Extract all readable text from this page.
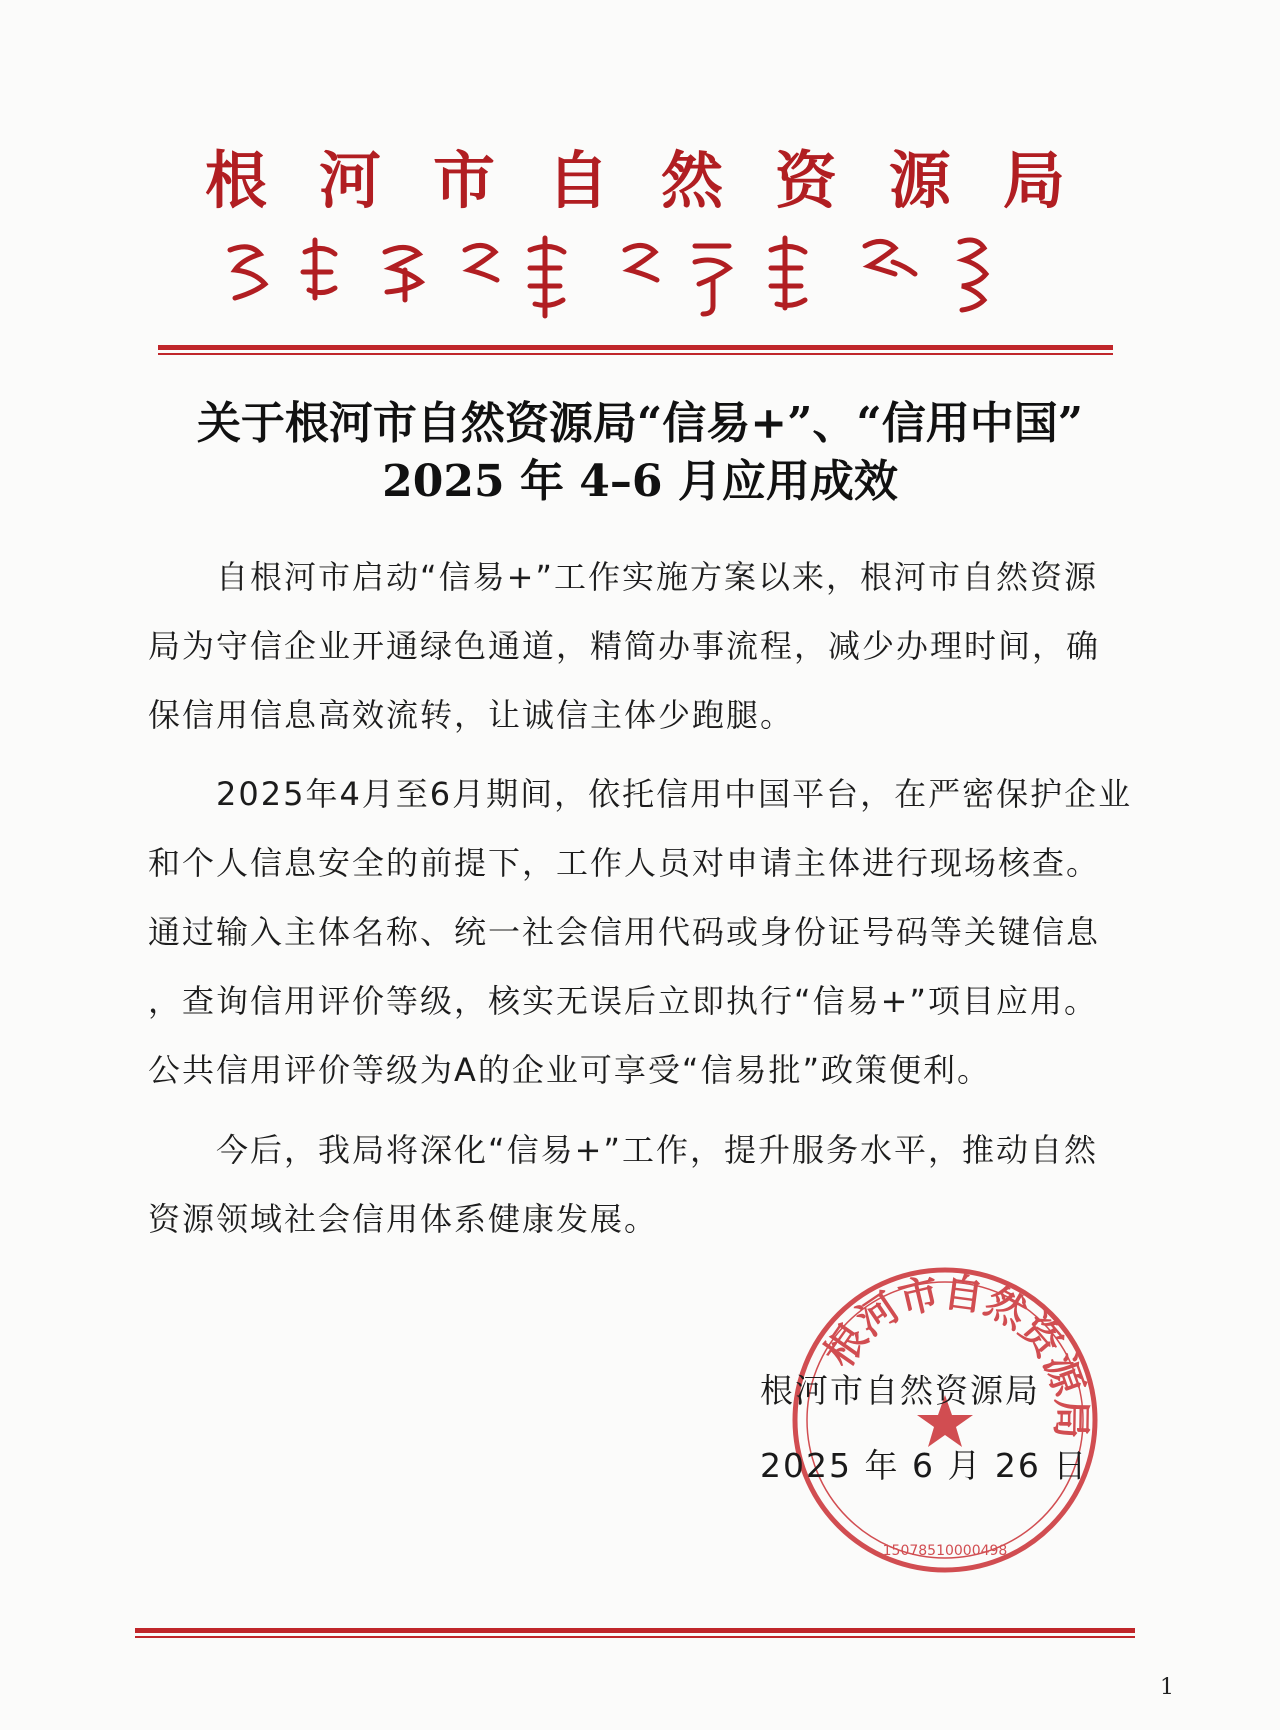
根 河 市 自 然 资 源 局
关于根河市自然资源局“信易+”、“信用中国”
2025 年 4–6 月应用成效

　　自根河市启动“信易+”工作实施方案以来，根河市自然资源
局为守信企业开通绿色通道，精简办事流程，减少办理时间，确
保信用信息高效流转，让诚信主体少跑腿。

　　2025年4月至6月期间，依托信用中国平台，在严密保护企业
和个人信息安全的前提下，工作人员对申请主体进行现场核查。
通过输入主体名称、统一社会信用代码或身份证号码等关键信息
，查询信用评价等级，核实无误后立即执行“信易+”项目应用。
公共信用评价等级为A的企业可享受“信易批”政策便利。

　　今后，我局将深化“信易+”工作，提升服务水平，推动自然
资源领域社会信用体系健康发展。

根河市自然资源局
15078510000498
根河市自然资源局
2025 年 6 月 26 日
1
